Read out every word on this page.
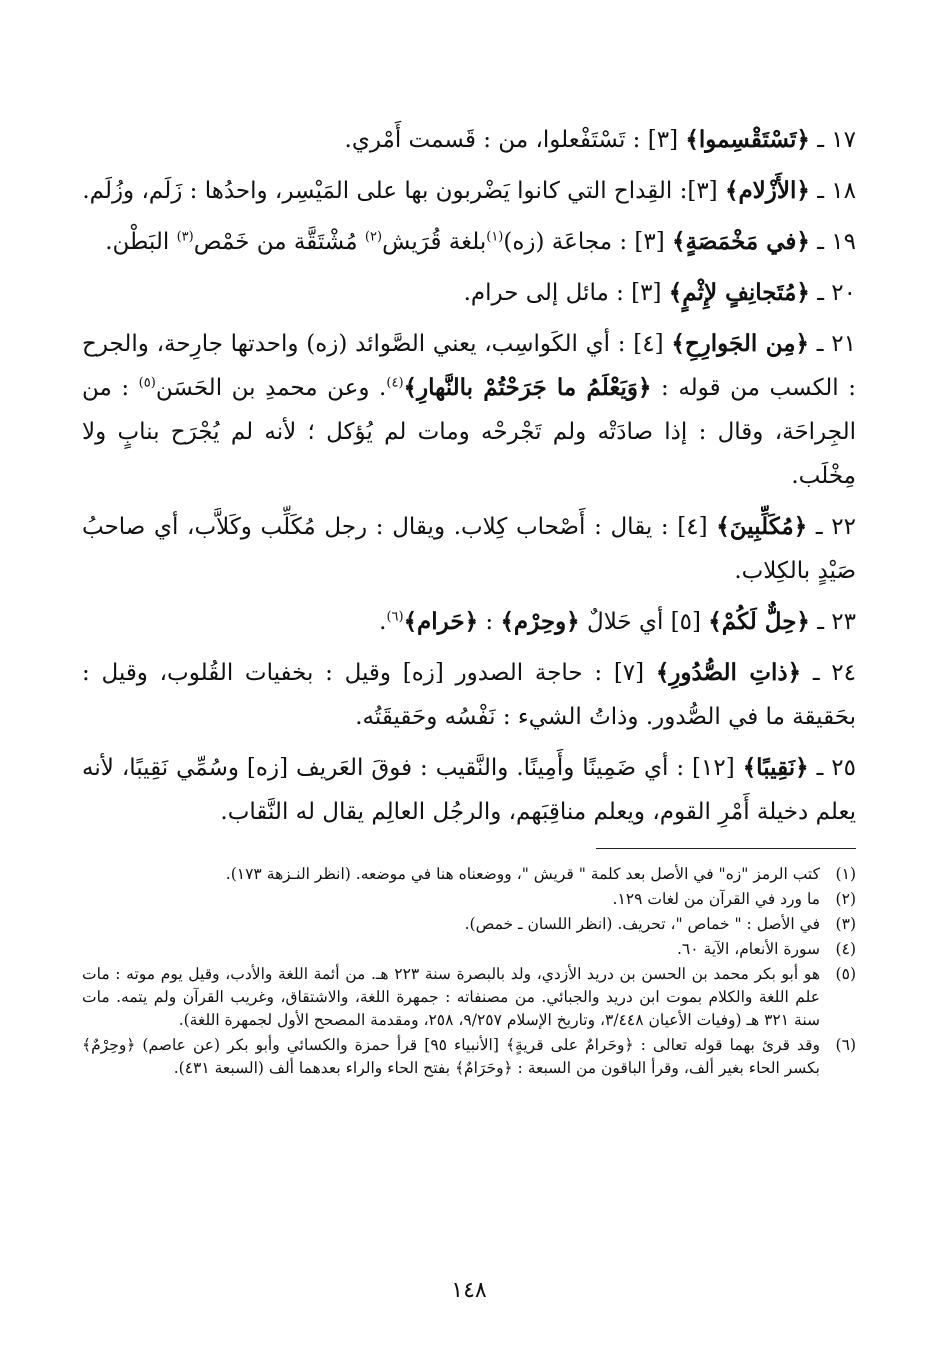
١٧ ـ ﴿تَسْتَقْسِموا﴾ [٣] : تَسْتَفْعلوا، من : قَسمت أَمْري.

١٨ ـ ﴿الأَزْلام﴾ [٣]: القِداح التي كانوا يَضْربون بها على المَيْسِر، واحدُها : زَلَم، وزُلَم.

١٩ ـ ﴿في مَخْمَصَةٍ﴾ [٣] : مجاعَة (زه)$^{(١)}$بلغة قُرَيش$^{(٢)}$ مُشْتَقَّة من خَمْص$^{(٣)}$ البَطْن.

٢٠ ـ ﴿مُتَجانِفٍ لإِثْمٍ﴾ [٣] : مائل إلى حرام.

٢١ ـ ﴿مِن الجَوارِحِ﴾ [٤] : أي الكَواسِب، يعني الصَّوائد (زه) واحدتها جارِحة، والجرح : الكسب من قوله : ﴿وَيَعْلَمُ ما جَرَحْتُمْ بالنَّهارِ﴾$^{(٤)}$. وعن محمدِ بن الحَسَن$^{(٥)}$ : من الجِراحَة، وقال : إذا صادَتْه ولم تَجْرحْه ومات لم يُؤكل ؛ لأنه لم يُجْرَح بنابٍ ولا مِخْلَب.

٢٢ ـ ﴿مُكَلِّبِينَ﴾ [٤] : يقال : أَصْحاب كِلاب. ويقال : رجل مُكَلِّب وكَلاَّب، أي صاحبُ صَيْدٍ بالكِلاب.

٢٣ ـ ﴿حِلٌّ لَكُمْ﴾ [٥] أي حَلالٌ ﴿وحِرْم﴾ : ﴿حَرام﴾$^{(٦)}$.

٢٤ ـ ﴿ذاتِ الصُّدُورِ﴾ [٧] : حاجة الصدور [زه] وقيل : بخفيات القُلوب، وقيل : بحَقيقة ما في الصُّدور. وذاتُ الشيء : نَفْسُه وحَقيقَتُه.

٢٥ ـ ﴿نَقِيبًا﴾ [١٢] : أي ضَمِينًا وأَمِينًا. والنَّقيب : فوقَ العَريف [زه] وسُمِّي نَقِيبًا، لأنه يعلم دخيلة أَمْرِ القوم، ويعلم مناقِبَهم، والرجُل العالِم يقال له النَّقاب.

(١)
كتب الرمز "زه" في الأصل بعد كلمة " قريش "، ووضعناه هنا في موضعه. (انظر النـزهة ١٧٣).
(٢)
ما ورد في القرآن من لغات ١٢٩.
(٣)
في الأصل : " خماص "، تحريف. (انظر اللسان ـ خمص).
(٤)
سورة الأنعام، الآية ٦٠.
(٥)
هو أبو بكر محمد بن الحسن بن دريد الأزدي، ولد بالبصرة سنة ٢٢٣ هـ. من أئمة اللغة والأدب، وقيل يوم موته : مات علم اللغة والكلام بموت ابن دريد والجبائي. من مصنفاته : جمهرة اللغة، والاشتقاق، وغريب القرآن ولم يتمه. مات سنة ٣٢١ هـ (وفيات الأعيان ٣/٤٤٨، وتاريخ الإسلام ٩/٢٥٧، ٢٥٨، ومقدمة المصحح الأول لجمهرة اللغة).
(٦)
وقد قرئ بهما قوله تعالى : ﴿وحَرامٌ على قريةٍ﴾ [الأنبياء ٩٥] قرأ حمزة والكسائي وأبو بكر (عن عاصم) ﴿وحِرْمٌ﴾ بكسر الحاء بغير ألف، وقرأ الباقون من السبعة : ﴿وحَرَامٌ﴾ بفتح الحاء والراء بعدهما ألف (السبعة ٤٣١).
١٤٨
